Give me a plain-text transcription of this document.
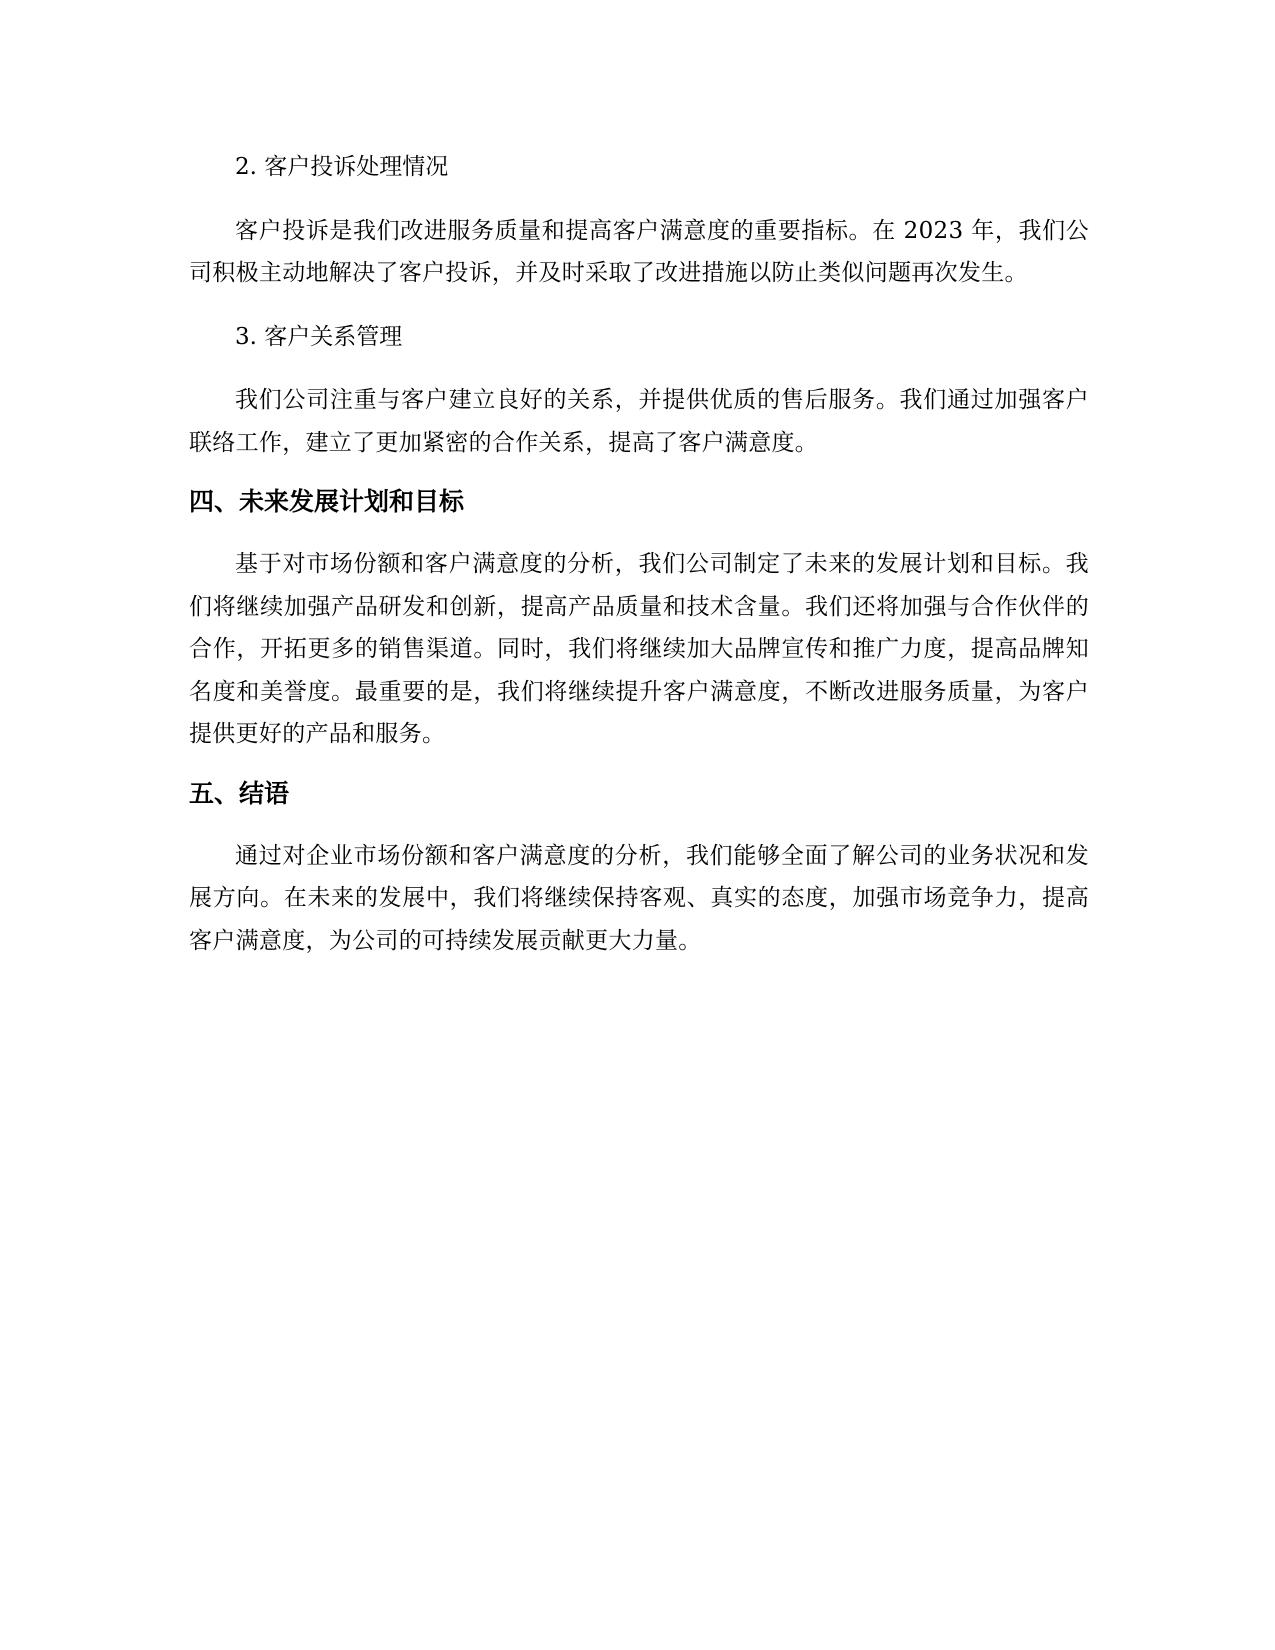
2. 客户投诉处理情况

客户投诉是我们改进服务质量和提高客户满意度的重要指标。在 2023 年，我们公司积极主动地解决了客户投诉，并及时采取了改进措施以防止类似问题再次发生。

3. 客户关系管理

我们公司注重与客户建立良好的关系，并提供优质的售后服务。我们通过加强客户联络工作，建立了更加紧密的合作关系，提高了客户满意度。

四、未来发展计划和目标

基于对市场份额和客户满意度的分析，我们公司制定了未来的发展计划和目标。我们将继续加强产品研发和创新，提高产品质量和技术含量。我们还将加强与合作伙伴的合作，开拓更多的销售渠道。同时，我们将继续加大品牌宣传和推广力度，提高品牌知名度和美誉度。最重要的是，我们将继续提升客户满意度，不断改进服务质量，为客户提供更好的产品和服务。

五、结语

通过对企业市场份额和客户满意度的分析，我们能够全面了解公司的业务状况和发展方向。在未来的发展中，我们将继续保持客观、真实的态度，加强市场竞争力，提高客户满意度，为公司的可持续发展贡献更大力量。
